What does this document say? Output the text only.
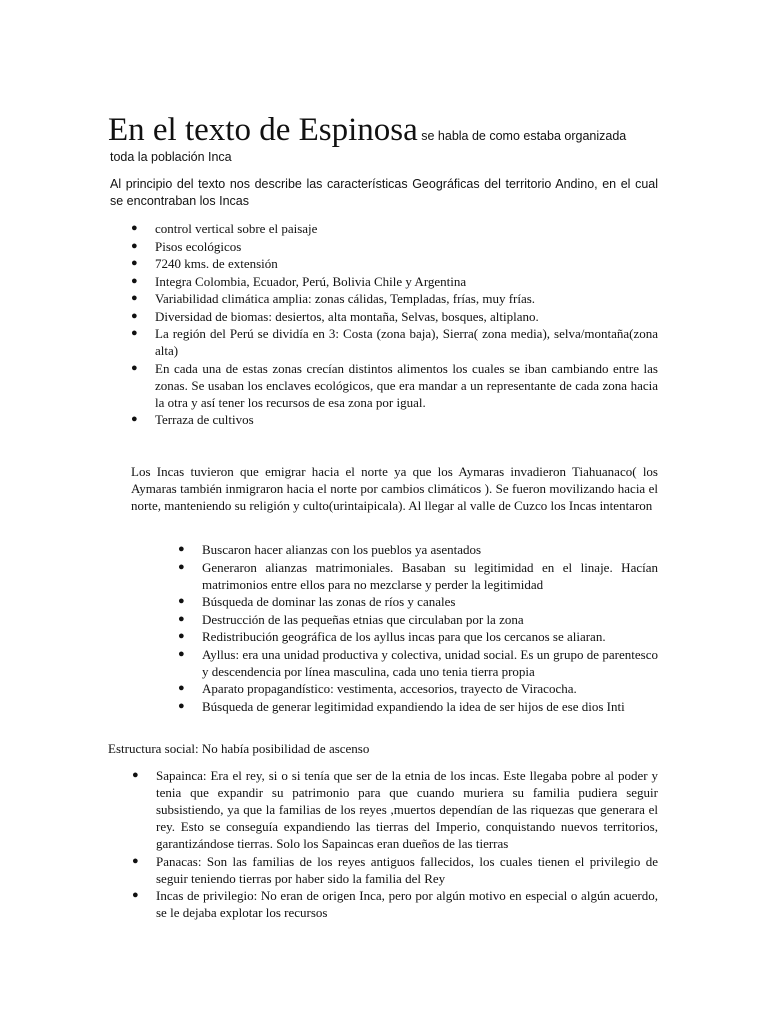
En el texto de Espinosa se habla de como estaba organizada
toda la población Inca

Al principio del texto nos describe las características Geográficas del territorio Andino, en el cual se encontraban los Incas

● control vertical sobre el paisaje
● Pisos ecológicos
● 7240 kms. de extensión
● Integra Colombia, Ecuador, Perú, Bolivia Chile y Argentina
● Variabilidad climática amplia: zonas cálidas, Templadas, frías, muy frías.
● Diversidad de biomas: desiertos, alta montaña, Selvas, bosques, altiplano.
● La región del Perú se dividía en 3: Costa (zona baja), Sierra( zona media), selva/montaña(zona alta)
● En cada una de estas zonas crecían distintos alimentos los cuales se iban cambiando entre las zonas. Se usaban los enclaves ecológicos, que era mandar a un representante de cada zona hacia la otra y así tener los recursos de esa zona por igual.
● Terraza de cultivos

Los Incas tuvieron que emigrar hacia el norte ya que los Aymaras invadieron Tiahuanaco( los Aymaras también inmigraron hacia el norte por cambios climáticos ). Se fueron movilizando hacia el norte, manteniendo su religión y culto(urintaipicala). Al llegar al valle de Cuzco los Incas intentaron

● Buscaron hacer alianzas con los pueblos ya asentados
● Generaron alianzas matrimoniales. Basaban su legitimidad en el linaje. Hacían matrimonios entre ellos para no mezclarse y perder la legitimidad
● Búsqueda de dominar las zonas de ríos y canales
● Destrucción de las pequeñas etnias que circulaban por la zona
● Redistribución geográfica de los ayllus incas para que los cercanos se aliaran.
● Ayllus: era una unidad productiva y colectiva, unidad social. Es un grupo de parentesco y descendencia por línea masculina, cada uno tenia tierra propia
● Aparato propagandístico: vestimenta, accesorios, trayecto de Viracocha.
● Búsqueda de generar legitimidad expandiendo la idea de ser hijos de ese dios Inti

Estructura social: No había posibilidad de ascenso

● Sapainca: Era el rey, si o si tenía que ser de la etnia de los incas. Este llegaba pobre al poder y tenia que expandir su patrimonio para que cuando muriera su familia pudiera seguir subsistiendo, ya que la familias de los reyes ,muertos dependían de las riquezas que generara el rey. Esto se conseguía expandiendo las tierras del Imperio, conquistando nuevos territorios, garantizándose tierras. Solo los Sapaincas eran dueños de las tierras
● Panacas: Son las familias de los reyes antiguos fallecidos, los cuales tienen el privilegio de seguir teniendo tierras por haber sido la familia del Rey
● Incas de privilegio: No eran de origen Inca, pero por algún motivo en especial o algún acuerdo, se le dejaba explotar los recursos
